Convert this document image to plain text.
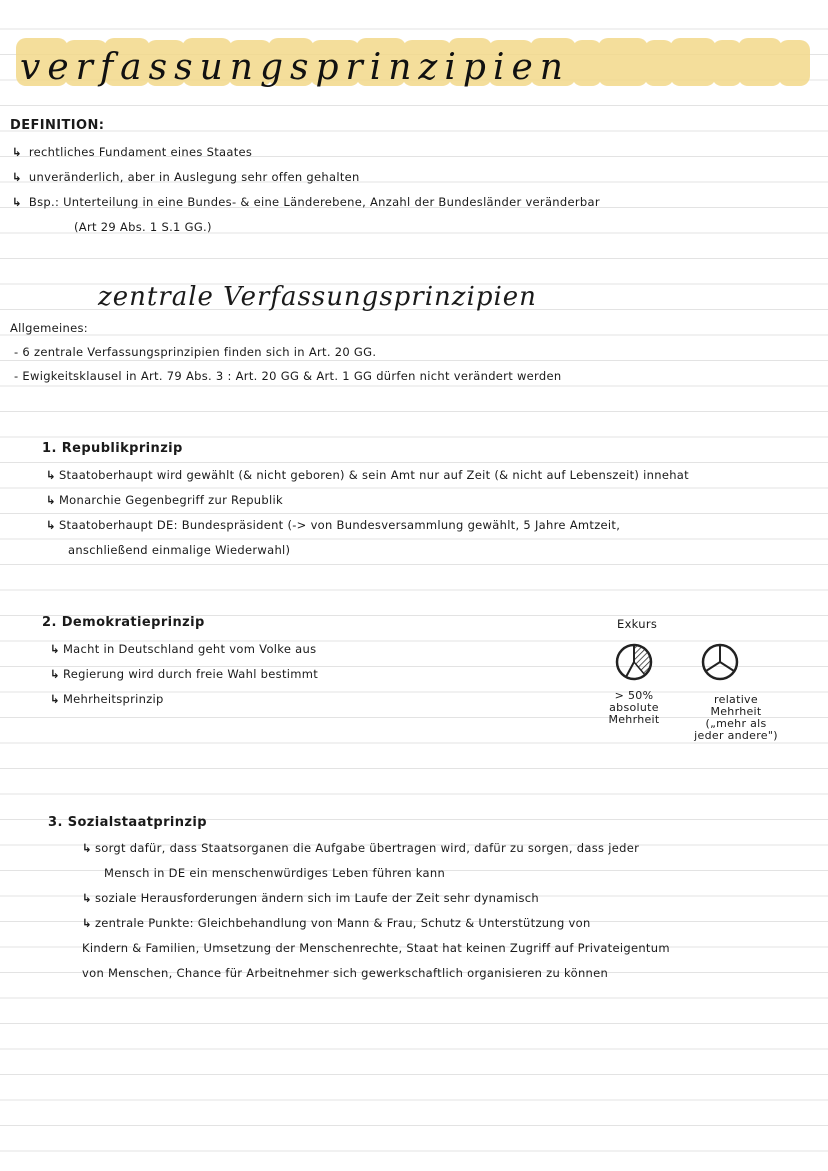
verfassungsprinzipien
DEFINITION:
↳ rechtliches Fundament eines Staates
↳ unveränderlich, aber in Auslegung sehr offen gehalten
↳ Bsp.: Unterteilung in eine Bundes- & eine Länderebene, Anzahl der Bundesländer veränderbar
(Art 29 Abs. 1 S.1 GG.)
zentrale Verfassungsprinzipien
Allgemeines:
- 6 zentrale Verfassungsprinzipien finden sich in Art. 20 GG.
- Ewigkeitsklausel in Art. 79 Abs. 3 : Art. 20 GG & Art. 1 GG dürfen nicht verändert werden
1. Republikprinzip
↳ Staatoberhaupt wird gewählt (& nicht geboren) & sein Amt nur auf Zeit (& nicht auf Lebenszeit) innehat
↳ Monarchie Gegenbegriff zur Republik
↳ Staatoberhaupt DE: Bundespräsident (-> von Bundesversammlung gewählt, 5 Jahre Amtzeit,
anschließend einmalige Wiederwahl)
2. Demokratieprinzip
↳ Macht in Deutschland geht vom Volke aus
↳ Regierung wird durch freie Wahl bestimmt
↳ Mehrheitsprinzip
Exkurs
> 50%
absolute
Mehrheit
relative
Mehrheit
(„mehr als
jeder andere")
3. Sozialstaatprinzip
↳ sorgt dafür, dass Staatsorganen die Aufgabe übertragen wird, dafür zu sorgen, dass jeder
Mensch in DE ein menschenwürdiges Leben führen kann
↳ soziale Herausforderungen ändern sich im Laufe der Zeit sehr dynamisch
↳ zentrale Punkte: Gleichbehandlung von Mann & Frau, Schutz & Unterstützung von
Kindern & Familien, Umsetzung der Menschenrechte, Staat hat keinen Zugriff auf Privateigentum
von Menschen, Chance für Arbeitnehmer sich gewerkschaftlich organisieren zu können
